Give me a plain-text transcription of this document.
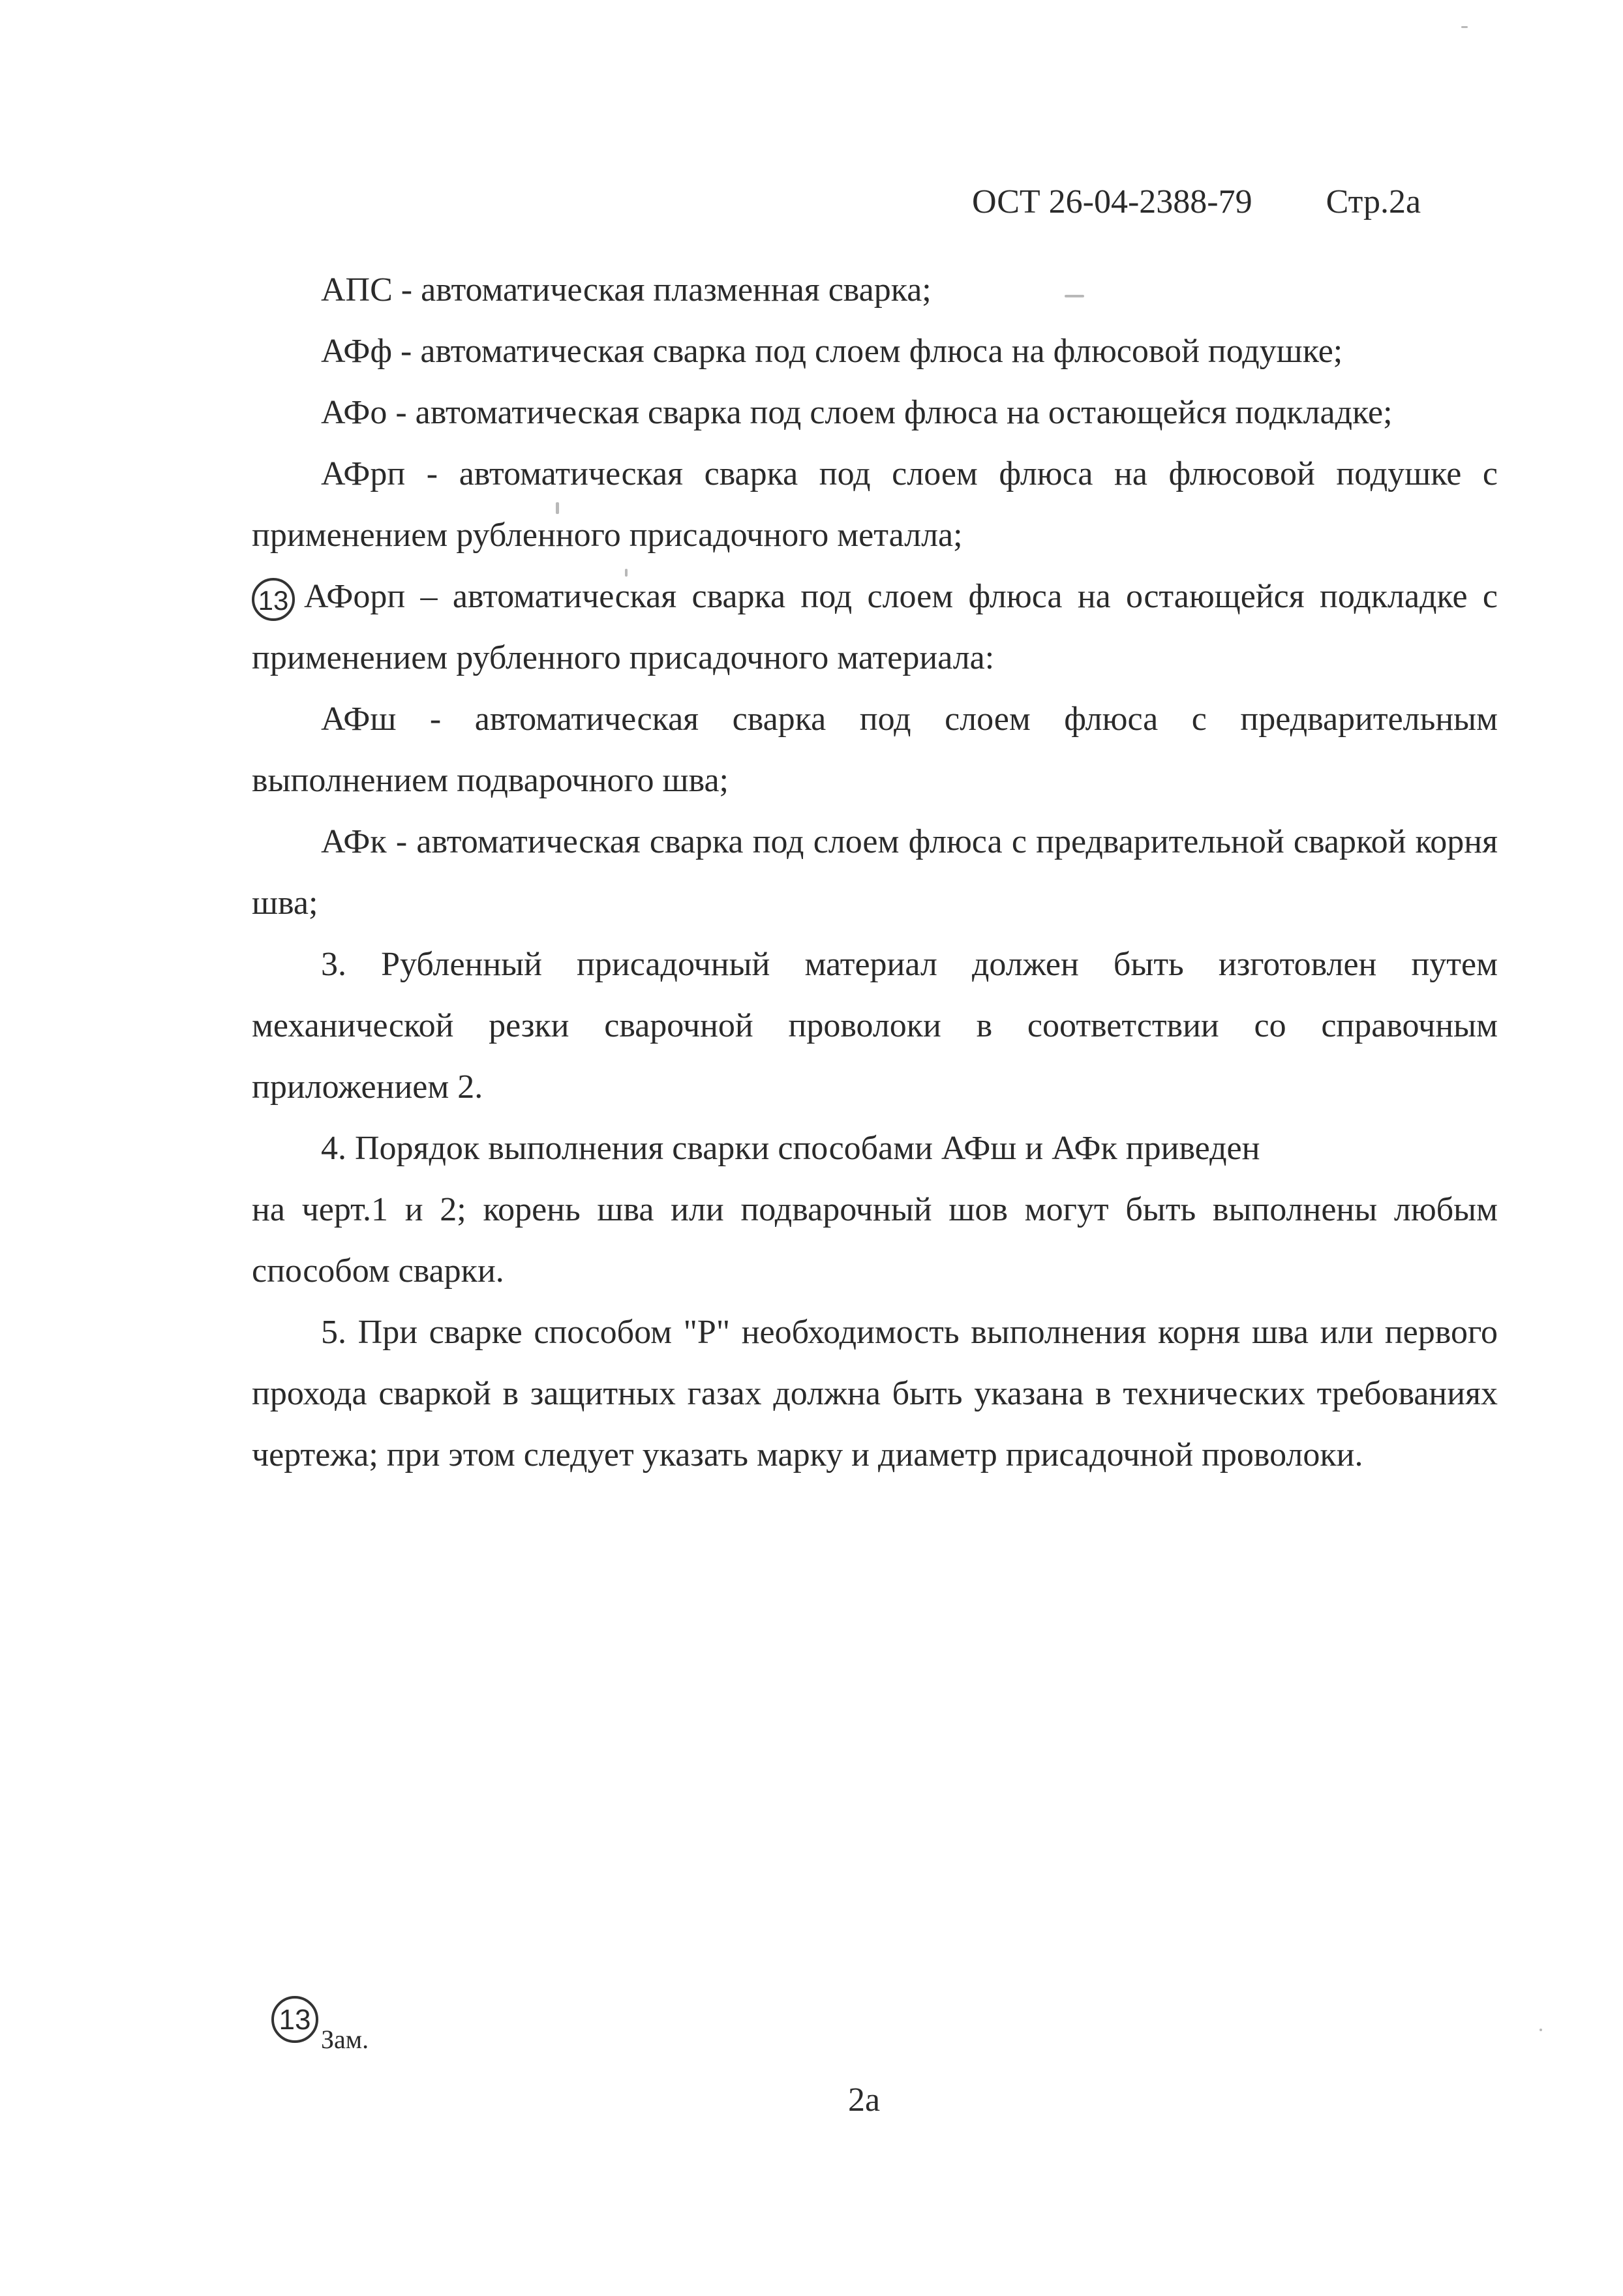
ОСТ 26-04-2388-79 Стр.2а

АПС - автоматическая плазменная сварка;

АФф - автоматическая сварка под слоем флюса на флюсовой подушке;

АФо - автоматическая сварка под слоем флюса на остающейся подкладке;

АФрп - автоматическая сварка под слоем флюса на флюсовой подушке с применением рубленного присадочного металла;

13 АФорп – автоматическая сварка под слоем флюса на остающейся подкладке с применением рубленного присадочного материала:

АФш - автоматическая сварка под слоем флюса с предварительным выполнением подварочного шва;

АФк - автоматическая сварка под слоем флюса с предварительной сваркой корня шва;

3. Рубленный присадочный материал должен быть изготовлен путем механической резки сварочной проволоки в соответствии со справочным приложением 2.

4. Порядок выполнения сварки способами АФш и АФк приведен

на черт.1 и 2; корень шва или подварочный шов могут быть выполнены любым способом сварки.

5. При сварке способом "Р" необходимость выполнения корня шва или первого прохода сваркой в защитных газах должна быть указана в технических требованиях чертежа; при этом следует указать марку и диаметр присадочной проволоки.

13Зам.
2а
